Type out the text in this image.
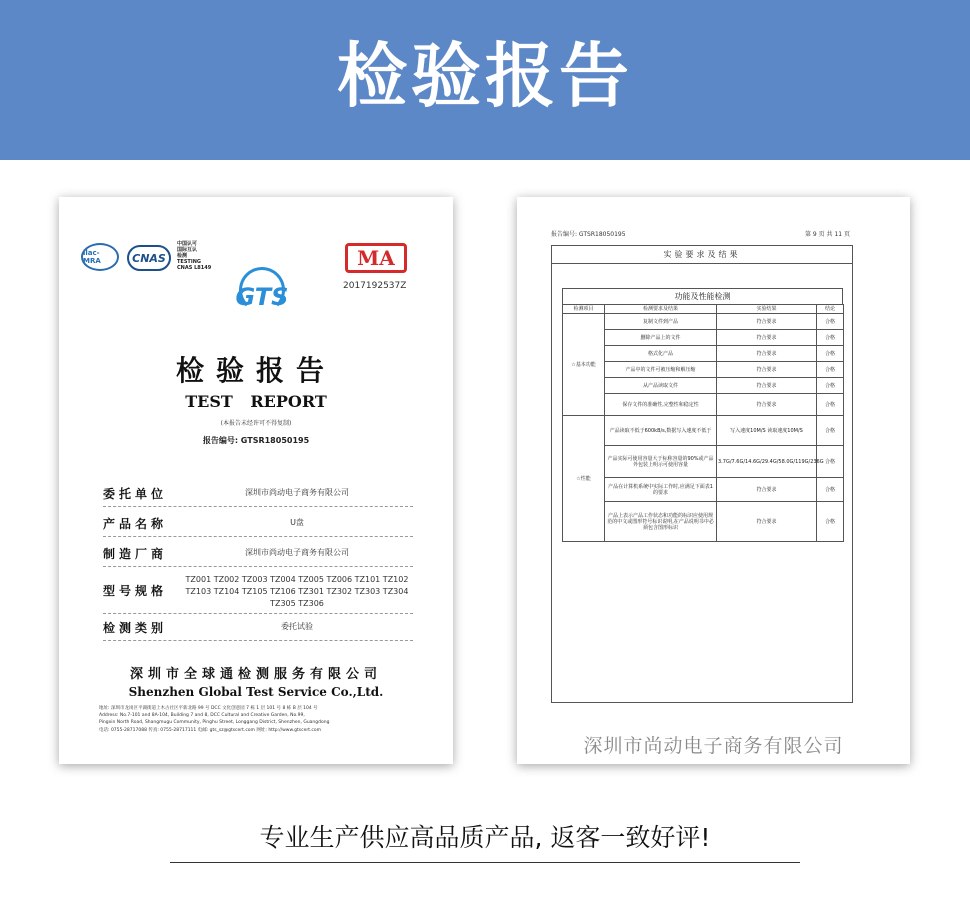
检验报告
ilac-MRA	CNAS
中国认可
国际互认
检测
TESTING
CNAS L8149
GTS
MA
2017192537Z
检验报告
TEST REPORT
(本报告未经许可不得复制)
报告编号: GTSR18050195
委托单位	深圳市尚动电子商务有限公司
产品名称	U盘
制造厂商	深圳市尚动电子商务有限公司
型号规格
TZ001 TZ002 TZ003 TZ004 TZ005 TZ006 TZ101 TZ102 TZ103 TZ104 TZ105 TZ106 TZ301 TZ302 TZ303 TZ304 TZ305 TZ306
检测类别	委托试验
深圳市全球通检测服务有限公司
Shenzhen Global Test Service Co.,Ltd.
地址: 深圳市龙岗区平湖街道上木古社区平新北路 99 号 DCC 文化创意园 7 栋 1 层 101 号 8 栋 B 层 104 号
Address: No.7-101 and 8A-104, Building 7 and 8, DCC Cultural and Creative Garden, No.99,
Pingxin North Road, Shangmugu Community, Pinghu Street, Longgang District, Shenzhen, Guangdong
电话: 0755-28717088 传真: 0755-28717111 电邮: gts_sz@gtscert.com 网址: http://www.gtscert.com
报告编号: GTSR18050195	第 9 页 共 11 页
实验要求及结果
功能及性能检测
检测项目	检测要求及结果	实验结果	结论
☆基本功能	复制文件到产品	符合要求	合格
	删除产品上的文件	符合要求	合格
	格式化产品	符合要求	合格
	产品中的文件可被压缩和解压缩	符合要求	合格
	从产品读取文件	符合要求	合格
	保存文件的准确性,完整性和稳定性	符合要求	合格
☆性能	产品读取不低于600kB/s,数据写入速度不低于	写入速度10M/S 读取速度10M/S	合格
	产品实际可使用容量大于标称容量的90%或产品外包装上明示可使用容量	3.7G/7.6G/14.6G/29.4G/58.0G/119G/236G	合格
	产品在计算机系统中实际工作时,应满足下面表1的要求	符合要求	合格
	产品上表示产品工作状态和功能的标识应使用规范的中文或图形符号标识说明,在产品说明书中必须包含图形标识	符合要求	合格
深圳市尚动电子商务有限公司
专业生产供应高品质产品, 返客一致好评!
